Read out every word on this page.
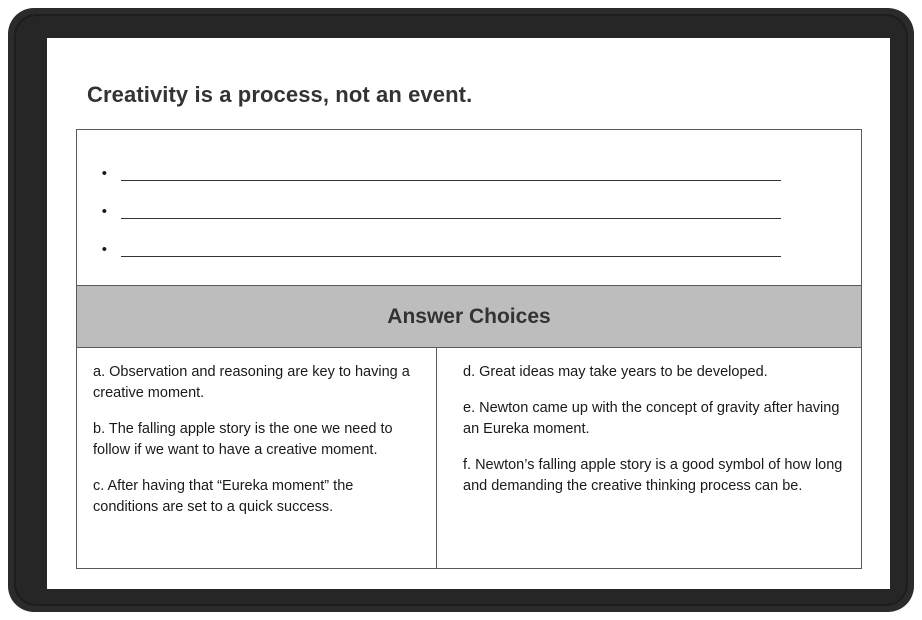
Creativity is a process, not an event.
•
•
•
Answer Choices

a. Observation and reasoning are key to having a creative moment.

b. The falling apple story is the one we need to follow if we want to have a creative moment.

c. After having that “Eureka moment” the conditions are set to a quick success.

d. Great ideas may take years to be developed.

e. Newton came up with the concept of gravity after having an Eureka moment.

f. Newton’s falling apple story is a good symbol of how long and demanding the creative thinking process can be.
